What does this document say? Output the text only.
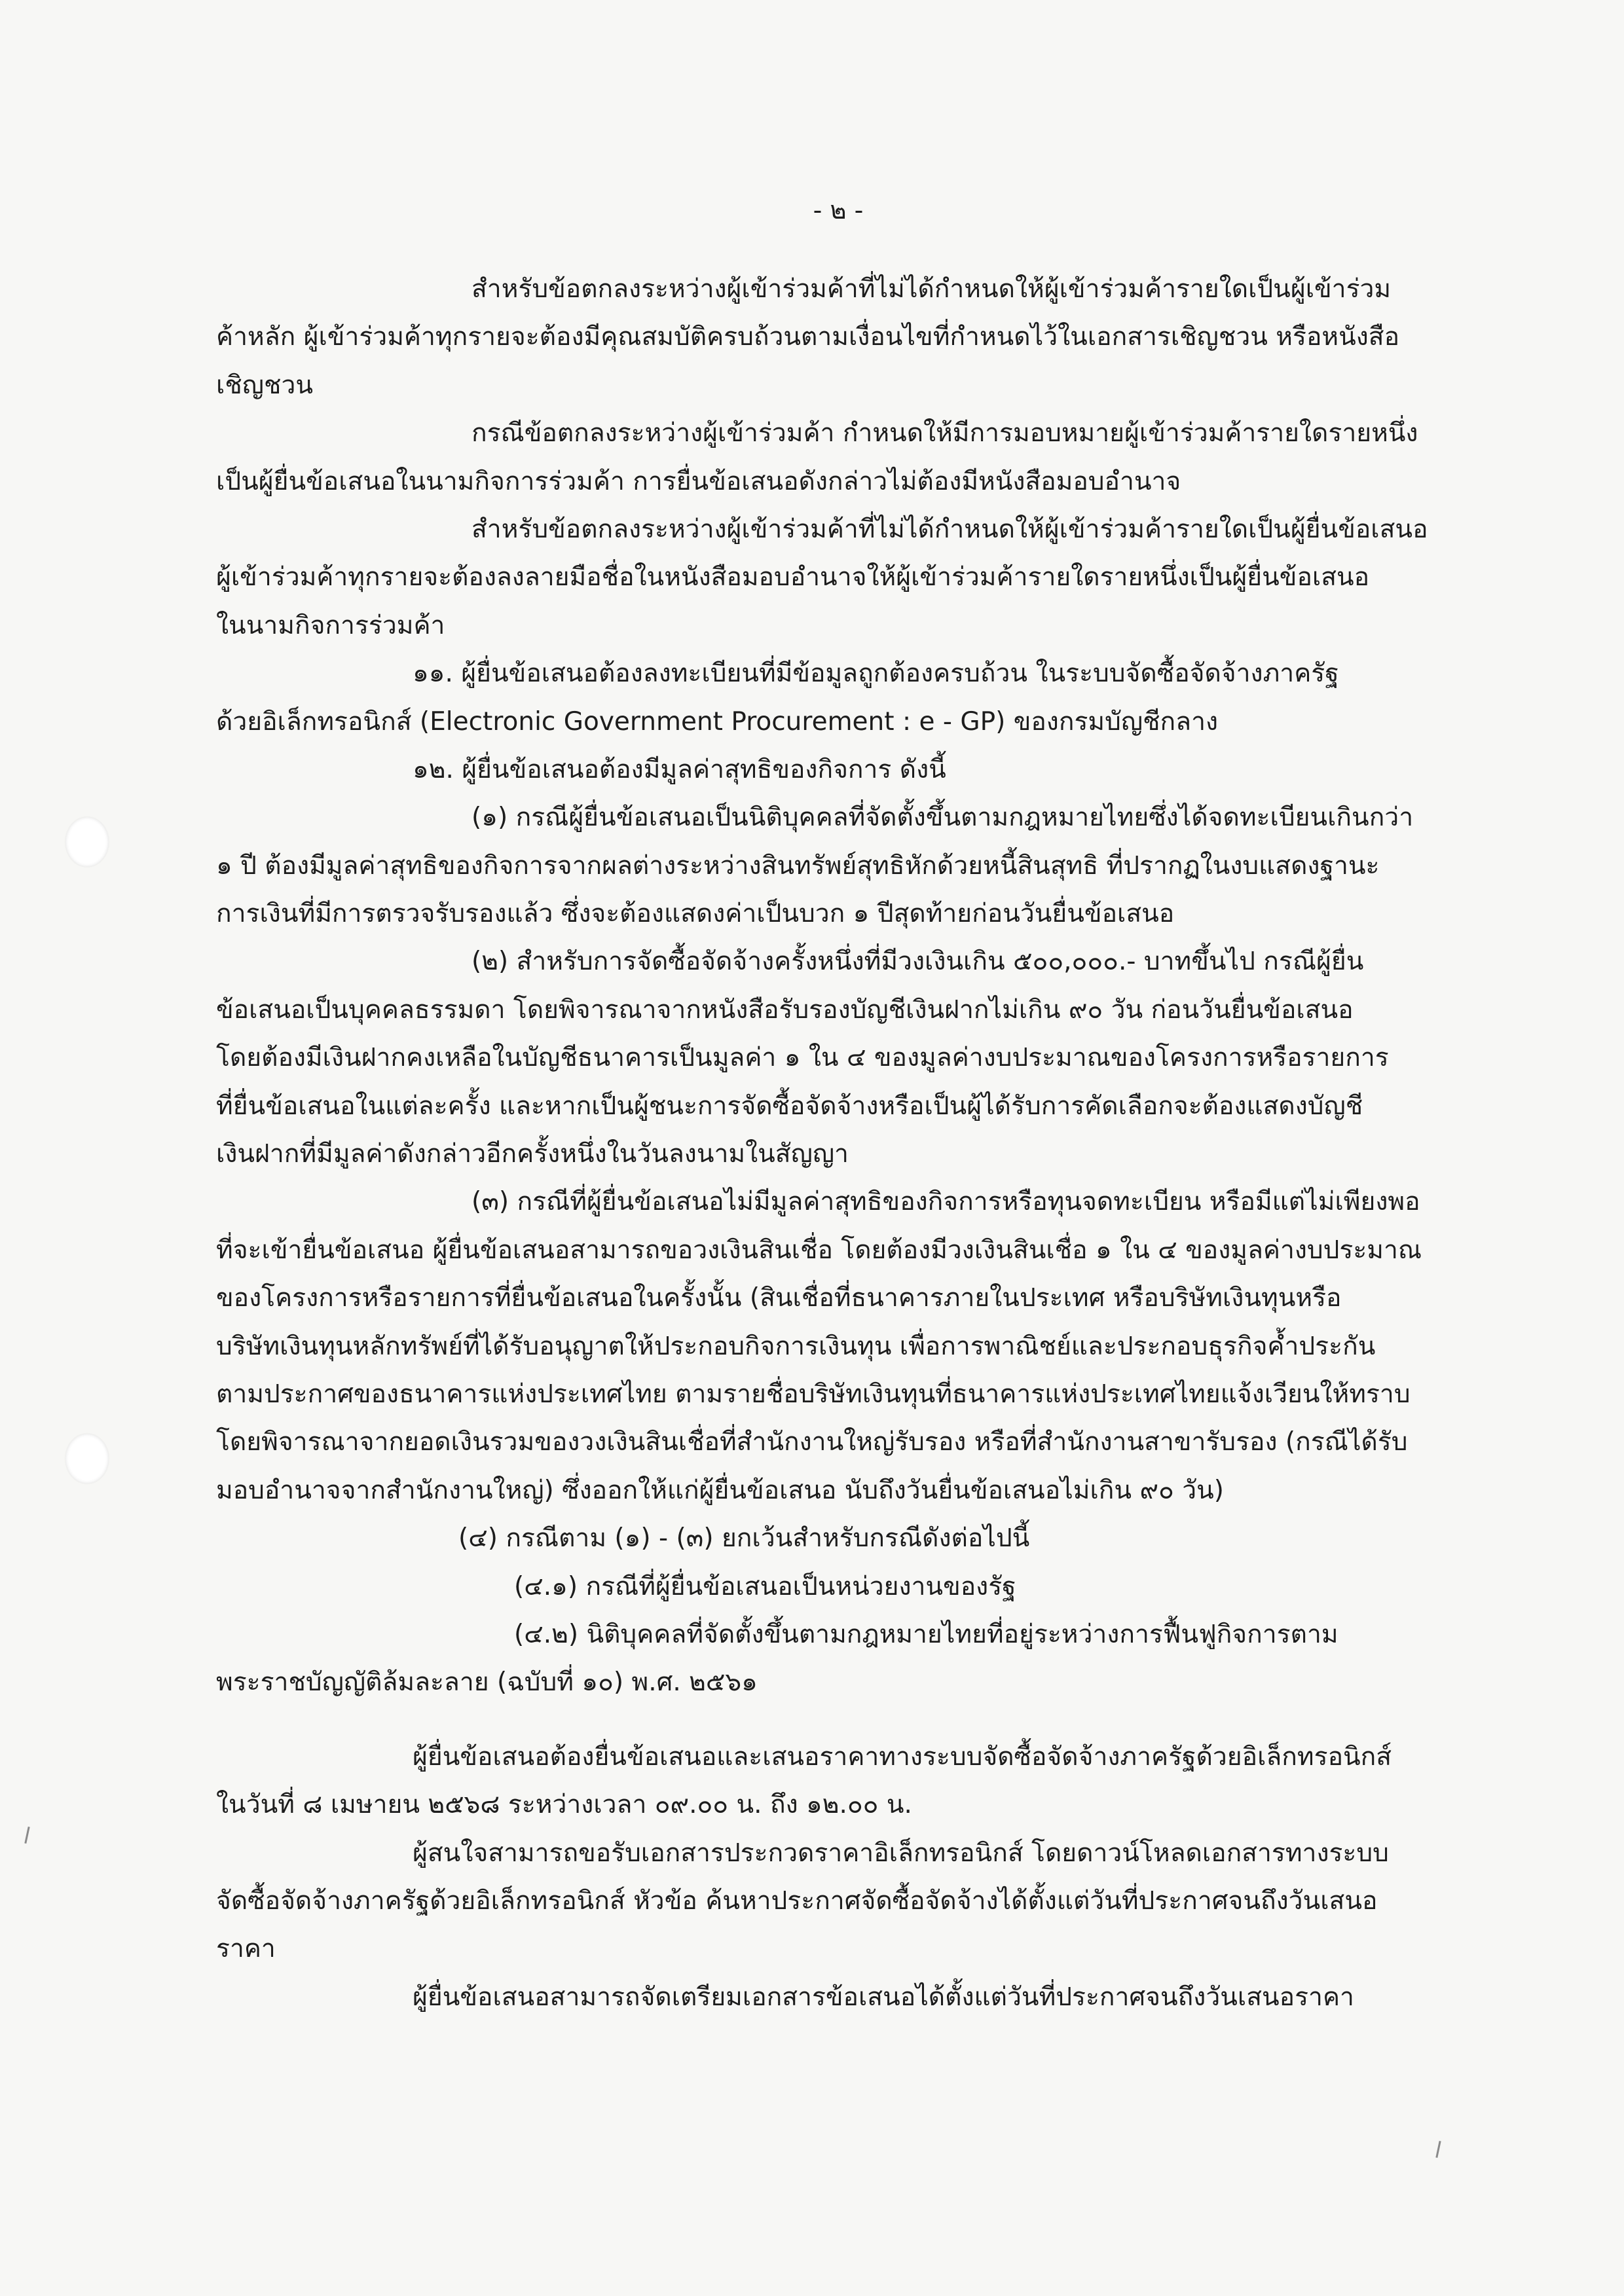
- ๒ -
สำหรับข้อตกลงระหว่างผู้เข้าร่วมค้าที่ไม่ได้กำหนดให้ผู้เข้าร่วมค้ารายใดเป็นผู้เข้าร่วม
ค้าหลัก ผู้เข้าร่วมค้าทุกรายจะต้องมีคุณสมบัติครบถ้วนตามเงื่อนไขที่กำหนดไว้ในเอกสารเชิญชวน หรือหนังสือ
เชิญชวน
กรณีข้อตกลงระหว่างผู้เข้าร่วมค้า กำหนดให้มีการมอบหมายผู้เข้าร่วมค้ารายใดรายหนึ่ง
เป็นผู้ยื่นข้อเสนอในนามกิจการร่วมค้า การยื่นข้อเสนอดังกล่าวไม่ต้องมีหนังสือมอบอำนาจ
สำหรับข้อตกลงระหว่างผู้เข้าร่วมค้าที่ไม่ได้กำหนดให้ผู้เข้าร่วมค้ารายใดเป็นผู้ยื่นข้อเสนอ
ผู้เข้าร่วมค้าทุกรายจะต้องลงลายมือชื่อในหนังสือมอบอำนาจให้ผู้เข้าร่วมค้ารายใดรายหนึ่งเป็นผู้ยื่นข้อเสนอ
ในนามกิจการร่วมค้า
๑๑. ผู้ยื่นข้อเสนอต้องลงทะเบียนที่มีข้อมูลถูกต้องครบถ้วน ในระบบจัดซื้อจัดจ้างภาครัฐ
ด้วยอิเล็กทรอนิกส์ (Electronic Government Procurement : e - GP) ของกรมบัญชีกลาง
๑๒. ผู้ยื่นข้อเสนอต้องมีมูลค่าสุทธิของกิจการ ดังนี้
(๑) กรณีผู้ยื่นข้อเสนอเป็นนิติบุคคลที่จัดตั้งขึ้นตามกฎหมายไทยซึ่งได้จดทะเบียนเกินกว่า
๑ ปี ต้องมีมูลค่าสุทธิของกิจการจากผลต่างระหว่างสินทรัพย์สุทธิหักด้วยหนี้สินสุทธิ ที่ปรากฏในงบแสดงฐานะ
การเงินที่มีการตรวจรับรองแล้ว ซึ่งจะต้องแสดงค่าเป็นบวก ๑ ปีสุดท้ายก่อนวันยื่นข้อเสนอ
(๒) สำหรับการจัดซื้อจัดจ้างครั้งหนึ่งที่มีวงเงินเกิน ๕๐๐,๐๐๐.- บาทขึ้นไป กรณีผู้ยื่น
ข้อเสนอเป็นบุคคลธรรมดา โดยพิจารณาจากหนังสือรับรองบัญชีเงินฝากไม่เกิน ๙๐ วัน ก่อนวันยื่นข้อเสนอ
โดยต้องมีเงินฝากคงเหลือในบัญชีธนาคารเป็นมูลค่า ๑ ใน ๔ ของมูลค่างบประมาณของโครงการหรือรายการ
ที่ยื่นข้อเสนอในแต่ละครั้ง และหากเป็นผู้ชนะการจัดซื้อจัดจ้างหรือเป็นผู้ได้รับการคัดเลือกจะต้องแสดงบัญชี
เงินฝากที่มีมูลค่าดังกล่าวอีกครั้งหนึ่งในวันลงนามในสัญญา
(๓) กรณีที่ผู้ยื่นข้อเสนอไม่มีมูลค่าสุทธิของกิจการหรือทุนจดทะเบียน หรือมีแต่ไม่เพียงพอ
ที่จะเข้ายื่นข้อเสนอ ผู้ยื่นข้อเสนอสามารถขอวงเงินสินเชื่อ โดยต้องมีวงเงินสินเชื่อ ๑ ใน ๔ ของมูลค่างบประมาณ
ของโครงการหรือรายการที่ยื่นข้อเสนอในครั้งนั้น (สินเชื่อที่ธนาคารภายในประเทศ หรือบริษัทเงินทุนหรือ
บริษัทเงินทุนหลักทรัพย์ที่ได้รับอนุญาตให้ประกอบกิจการเงินทุน เพื่อการพาณิชย์และประกอบธุรกิจค้ำประกัน
ตามประกาศของธนาคารแห่งประเทศไทย ตามรายชื่อบริษัทเงินทุนที่ธนาคารแห่งประเทศไทยแจ้งเวียนให้ทราบ
โดยพิจารณาจากยอดเงินรวมของวงเงินสินเชื่อที่สำนักงานใหญ่รับรอง หรือที่สำนักงานสาขารับรอง (กรณีได้รับ
มอบอำนาจจากสำนักงานใหญ่) ซึ่งออกให้แก่ผู้ยื่นข้อเสนอ นับถึงวันยื่นข้อเสนอไม่เกิน ๙๐ วัน)
(๔) กรณีตาม (๑) - (๓) ยกเว้นสำหรับกรณีดังต่อไปนี้
(๔.๑) กรณีที่ผู้ยื่นข้อเสนอเป็นหน่วยงานของรัฐ
(๔.๒) นิติบุคคลที่จัดตั้งขึ้นตามกฎหมายไทยที่อยู่ระหว่างการฟื้นฟูกิจการตาม
พระราชบัญญัติล้มละลาย (ฉบับที่ ๑๐) พ.ศ. ๒๕๖๑
ผู้ยื่นข้อเสนอต้องยื่นข้อเสนอและเสนอราคาทางระบบจัดซื้อจัดจ้างภาครัฐด้วยอิเล็กทรอนิกส์
ในวันที่ ๘ เมษายน ๒๕๖๘ ระหว่างเวลา ๐๙.๐๐ น. ถึง ๑๒.๐๐ น.
ผู้สนใจสามารถขอรับเอกสารประกวดราคาอิเล็กทรอนิกส์ โดยดาวน์โหลดเอกสารทางระบบ
จัดซื้อจัดจ้างภาครัฐด้วยอิเล็กทรอนิกส์ หัวข้อ ค้นหาประกาศจัดซื้อจัดจ้างได้ตั้งแต่วันที่ประกาศจนถึงวันเสนอ
ราคา
ผู้ยื่นข้อเสนอสามารถจัดเตรียมเอกสารข้อเสนอได้ตั้งแต่วันที่ประกาศจนถึงวันเสนอราคา
